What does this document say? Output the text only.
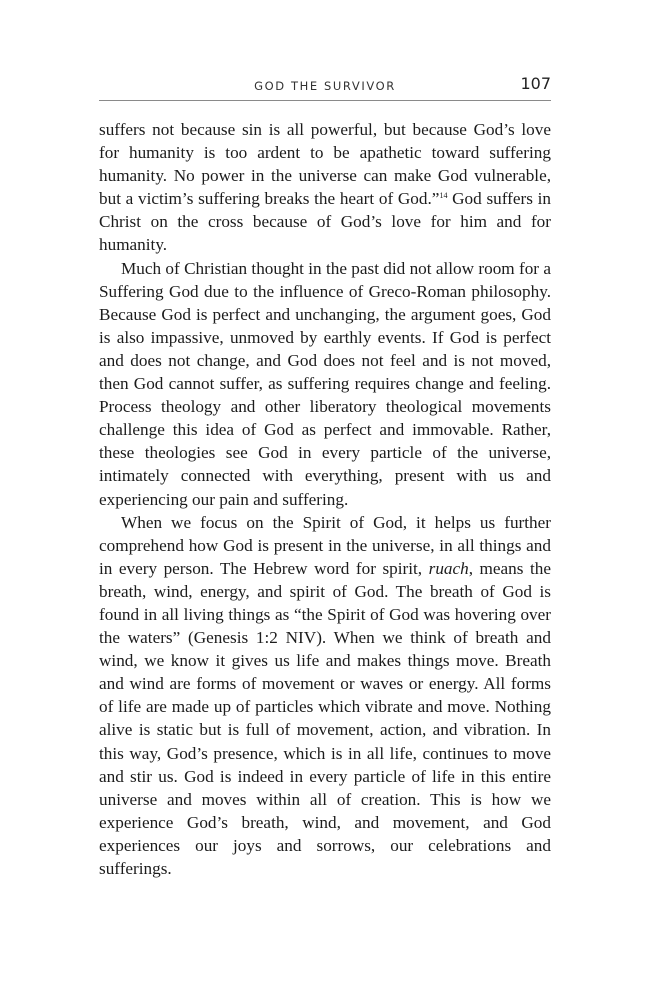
GOD THE SURVIVOR	107

suffers not because sin is all powerful, but because God’s love for humanity is too ardent to be apathetic toward suffering humanity. No power in the universe can make God vulnerable, but a victim’s suffering breaks the heart of God.”$^{14}$ God suffers in Christ on the cross because of God’s love for him and for humanity.

Much of Christian thought in the past did not allow room for a Suffering God due to the influence of Greco-Roman philosophy. Because God is perfect and unchanging, the argument goes, God is also impassive, unmoved by earthly events. If God is perfect and does not change, and God does not feel and is not moved, then God cannot suffer, as suffering requires change and feeling. Process theology and other liberatory theological movements challenge this idea of God as perfect and immovable. Rather, these theologies see God in every particle of the universe, intimately connected with everything, present with us and experiencing our pain and suffering.

When we focus on the Spirit of God, it helps us further comprehend how God is present in the universe, in all things and in every person. The Hebrew word for spirit, ruach, means the breath, wind, energy, and spirit of God. The breath of God is found in all living things as “the Spirit of God was hovering over the waters” (Genesis 1:2 NIV). When we think of breath and wind, we know it gives us life and makes things move. Breath and wind are forms of movement or waves or energy. All forms of life are made up of particles which vibrate and move. Nothing alive is static but is full of movement, action, and vibration. In this way, God’s presence, which is in all life, continues to move and stir us. God is indeed in every particle of life in this entire universe and moves within all of creation. This is how we experience God’s breath, wind, and movement, and God experiences our joys and sorrows, our celebrations and sufferings.
